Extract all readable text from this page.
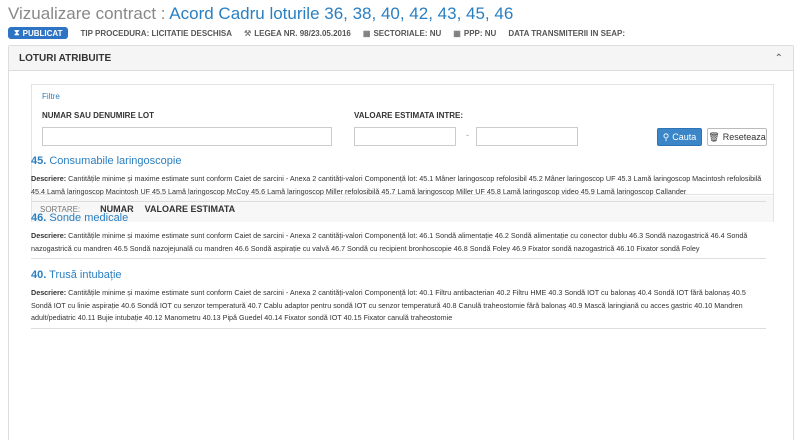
Vizualizare contract : Acord Cadru loturile 36, 38, 40, 42, 43, 45, 46
⧗ PUBLICAT TIP PROCEDURA: LICITATIE DESCHISA ⚒ LEGEA NR. 98/23.05.2016 ▦ SECTORIALE: NU ▦ PPP: NU DATA TRANSMITERII IN SEAP:
LOTURI ATRIBUITE	⌃
Filtre
NUMAR SAU DENUMIRE LOT	VALOARE ESTIMATA INTRE:
-	⚲ Cauta 🗑 Reseteaza
SORTARE: NUMAR VALOARE ESTIMATA
45. Consumabile laringoscopie
Descriere: Cantitățile minime și maxime estimate sunt conform Caiet de sarcini - Anexa 2 cantități-valori Componență lot: 45.1 Mâner laringoscop refolosibil 45.2 Mâner laringoscop UF 45.3 Lamă laringoscop Macintosh refolosibilă 45.4 Lamă laringoscop Macintosh UF 45.5 Lamă laringoscop McCoy 45.6 Lamă laringoscop Miller refolosibilă 45.7 Lamă laringoscop Miller UF 45.8 Lamă laringoscop video 45.9 Lamă laringoscop Callander
46. Sonde medicale
Descriere: Cantitățile minime și maxime estimate sunt conform Caiet de sarcini - Anexa 2 cantități-valori Componență lot: 46.1 Sondă alimentație 46.2 Sondă alimentație cu conector dublu 46.3 Sondă nazogastrică 46.4 Sondă nazogastrică cu mandren 46.5 Sondă nazojejunală cu mandren 46.6 Sondă aspirație cu valvă 46.7 Sondă cu recipient bronhoscopie 46.8 Sondă Foley 46.9 Fixator sondă nazogastrică 46.10 Fixator sondă Foley
40. Trusă intubație
Descriere: Cantitățile minime și maxime estimate sunt conform Caiet de sarcini - Anexa 2 cantități-valori Componență lot: 40.1 Filtru antibacterian 40.2 Filtru HME 40.3 Sondă IOT cu balonaș 40.4 Sondă IOT fără balonaș 40.5 Sondă IOT cu linie aspirație 40.6 Sondă IOT cu senzor temperatură 40.7 Cablu adaptor pentru sondă IOT cu senzor temperatură 40.8 Canulă traheostomie fără balonaș 40.9 Mască laringiană cu acces gastric 40.10 Mandren adult/pediatric 40.11 Bujie intubație 40.12 Manometru 40.13 Pipă Guedel 40.14 Fixator sondă IOT 40.15 Fixator canulă traheostomie
